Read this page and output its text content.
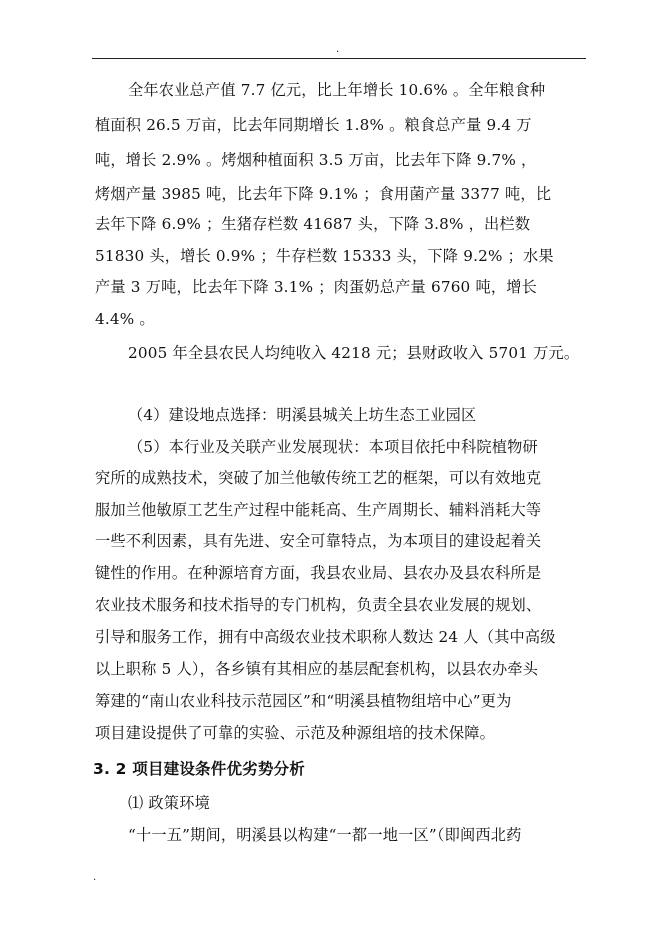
.
全年农业总产值 7.7 亿元，比上年增长 10.6% 。全年粮食种
植面积 26.5 万亩，比去年同期增长 1.8% 。粮食总产量 9.4 万
吨，增长 2.9% 。烤烟种植面积 3.5 万亩，比去年下降 9.7% ，
烤烟产量 3985 吨，比去年下降 9.1% ；食用菌产量 3377 吨，比
去年下降 6.9% ；生猪存栏数 41687 头，下降 3.8% ，出栏数
51830 头，增长 0.9% ；牛存栏数 15333 头，下降 9.2% ；水果
产量 3 万吨，比去年下降 3.1% ；肉蛋奶总产量 6760 吨，增长
4.4% 。
2005 年全县农民人均纯收入 4218 元；县财政收入 5701 万元。
（4）建设地点选择：明溪县城关上坊生态工业园区
（5）本行业及关联产业发展现状：本项目依托中科院植物研
究所的成熟技术，突破了加兰他敏传统工艺的框架，可以有效地克
服加兰他敏原工艺生产过程中能耗高、生产周期长、辅料消耗大等
一些不利因素，具有先进、安全可靠特点，为本项目的建设起着关
键性的作用。在种源培育方面，我县农业局、县农办及县农科所是
农业技术服务和技术指导的专门机构，负责全县农业发展的规划、
引导和服务工作，拥有中高级农业技术职称人数达 24 人（其中高级
以上职称 5 人），各乡镇有其相应的基层配套机构，以县农办牵头
筹建的“南山农业科技示范园区”和“明溪县植物组培中心”更为
项目建设提供了可靠的实验、示范及种源组培的技术保障。
3. 2 项目建设条件优劣势分析
⑴ 政策环境
“十一五”期间，明溪县以构建“一都一地一区”（即闽西北药
.
